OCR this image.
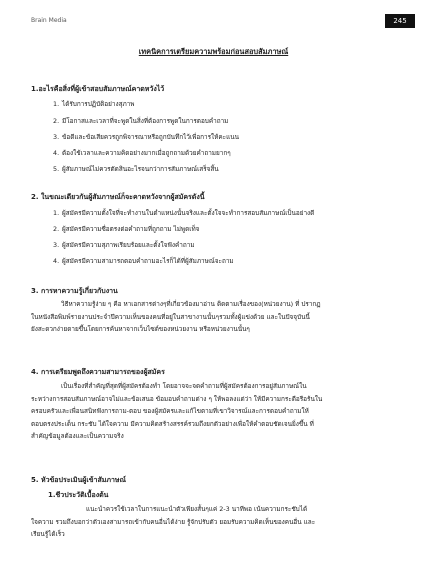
Brain Media	245
เทคนิคการเตรียมความพร้อมก่อนสอบสัมภาษณ์
1.อะไรคือสิ่งที่ผู้เข้าสอบสัมภาษณ์คาดหวังไว้
1. ได้รับการปฏิบัติอย่างสุภาพ
2. มีโอกาสและเวลาที่จะพูดในสิ่งที่ต้องการพูดในการตอบคำถาม
3. ข้อดีและข้อเสียควรถูกพิจารณาหรือถูกบันทึกไว้เพื่อการให้คะแนน
4. ต้องใช้เวลาและความคิดอย่างมากเมื่อถูกถามด้วยคำถามยากๆ
5. ผู้สัมภาษณ์ไม่ควรตัดสินอะไรจนกว่าการสัมภาษณ์เสร็จสิ้น
2. ในขณะเดียวกันผู้สัมภาษณ์ก็จะคาดหวังจากผู้สมัครดังนี้
1. ผู้สมัครมีความตั้งใจที่จะทำงานในตำแหน่งนั้นจริงและตั้งใจจะทำการสอบสัมภาษณ์เป็นอย่างดี
2. ผู้สมัครมีความซื่อตรงต่อคำถามที่ถูกถาม ไม่พูดเท็จ
3. ผู้สมัครมีความสุภาพเรียบร้อยและตั้งใจฟังคำถาม
4. ผู้สมัครมีความสามารถตอบคำถามอะไรก็ได้ที่ผู้สัมภาษณ์จะถาม
3. การหาความรู้เกี่ยวกับงาน
วิธีหาความรู้ง่าย ๆ คือ หาเอกสารต่างๆที่เกี่ยวข้องมาอ่าน ติดตามเรื่องของ(หน่วยงาน) ที่ ปรากฏ
ในหนังสือพิมพ์รายงานประจำปีความเห็นของคนที่อยู่ในสาขางานนั้นๆรวมทั้งผู้แข่งด้วย และในปัจจุบันนี้
ยังสะดวกง่ายดายขึ้นโดยการค้นหาจากเว็บไซต์ของหน่วยงาน หรือหน่วยงานนั้นๆ
4. การเตรียมพูดถึงความสามารถของผู้สมัคร
เป็นเรื่องที่สำคัญที่สุดที่ผู้สมัครต้องทำ โดยอาจจะจดคำถามที่ผู้สมัครต้องการอยู่สัมภาษณ์ใน
ระหว่างการสอบสัมภาษณ์อาจไม่และข้อเสนอ ข้อมอบคำถามต่าง ๆ ให้พอลงแต่ว่า ให้มีความกระตือรือร้นใน
ครอบครัวและเพื่อนสนิทฟังการถาม-ตอบ ของผู้สมัครและแก้ไขตามที่เขาวิจารณ์และการตอบคำถามให้
ตอบตรงประเด็น กระชับ ได้ใจความ มีความคิดสร้างสรรค์รวมถึงยกตัวอย่างเพื่อให้คำตอบชัดเจนยิ่งขึ้น ที่
สำคัญข้อมูลต้องและเป็นความจริง
5. หัวข้อประเมินผู้เข้าสัมภาษณ์
1.ชีวประวัติเบื้องต้น
แนะนำควรใช้เวลาในการแนะนำตัวเพียงสั้นๆแค่ 2-3 นาทีพอ เน้นความกระชับได้
ใจความ รวมถึงบอกว่าตัวเองสามารถเข้ากับคนอื่นได้ง่าย รู้จักปรับตัว ยอมรับความคิดเห็นของคนอื่น และ
เรียนรู้ได้เร็ว
